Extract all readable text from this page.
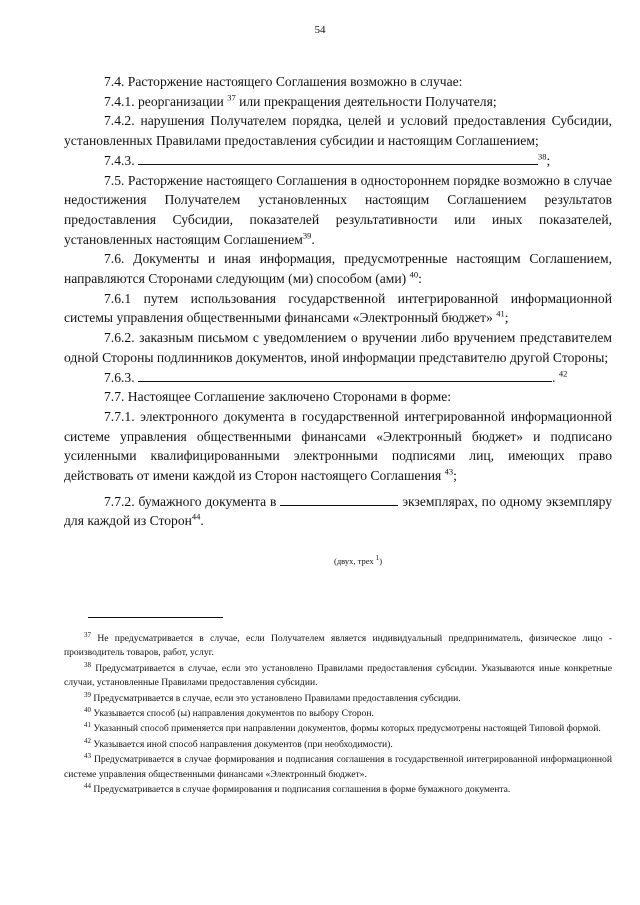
54

7.4. Расторжение настоящего Соглашения возможно в случае:

7.4.1. реорганизации $^{37}$ или прекращения деятельности Получателя;

7.4.2. нарушения Получателем порядка, целей и условий предоставления Субсидии, установленных Правилами предоставления субсидии и настоящим Соглашением;

7.4.3.	$^{38}$;

7.5. Расторжение настоящего Соглашения в одностороннем порядке возможно в случае недостижения Получателем установленных настоящим Соглашением результатов предоставления Субсидии, показателей результативности или иных показателей, установленных настоящим Соглашением$^{39}$.

7.6. Документы и иная информация, предусмотренные настоящим Соглашением, направляются Сторонами следующим (ми) способом (ами) $^{40}$:

7.6.1 путем использования государственной интегрированной информационной системы управления общественными финансами «Электронный бюджет» $^{41}$;

7.6.2. заказным письмом с уведомлением о вручении либо вручением представителем одной Стороны подлинников документов, иной информации представителю другой Стороны;

7.6.3.	. $^{42}$

7.7. Настоящее Соглашение заключено Сторонами в форме:

7.7.1. электронного документа в государственной интегрированной информационной системе управления общественными финансами «Электронный бюджет» и подписано усиленными квалифицированными электронными подписями лиц, имеющих право действовать от имени каждой из Сторон настоящего Соглашения $^{43}$;

7.7.2. бумажного документа в	экземплярах, по одному экземпляру для каждой из Сторон$^{44}$.

(двух, трех $^1$)

$^{37}$ Не предусматривается в случае, если Получателем является индивидуальный предприниматель, физическое лицо - производитель товаров, работ, услуг.

$^{38}$ Предусматривается в случае, если это установлено Правилами предоставления субсидии. Указываются иные конкретные случаи, установленные Правилами предоставления субсидии.

$^{39}$ Предусматривается в случае, если это установлено Правилами предоставления субсидии.

$^{40}$ Указывается способ (ы) направления документов по выбору Сторон.

$^{41}$ Указанный способ применяется при направлении документов, формы которых предусмотрены настоящей Типовой формой.

$^{42}$ Указывается иной способ направления документов (при необходимости).

$^{43}$ Предусматривается в случае формирования и подписания соглашения в государственной интегрированной информационной системе управления общественными финансами «Электронный бюджет».

$^{44}$ Предусматривается в случае формирования и подписания соглашения в форме бумажного документа.
